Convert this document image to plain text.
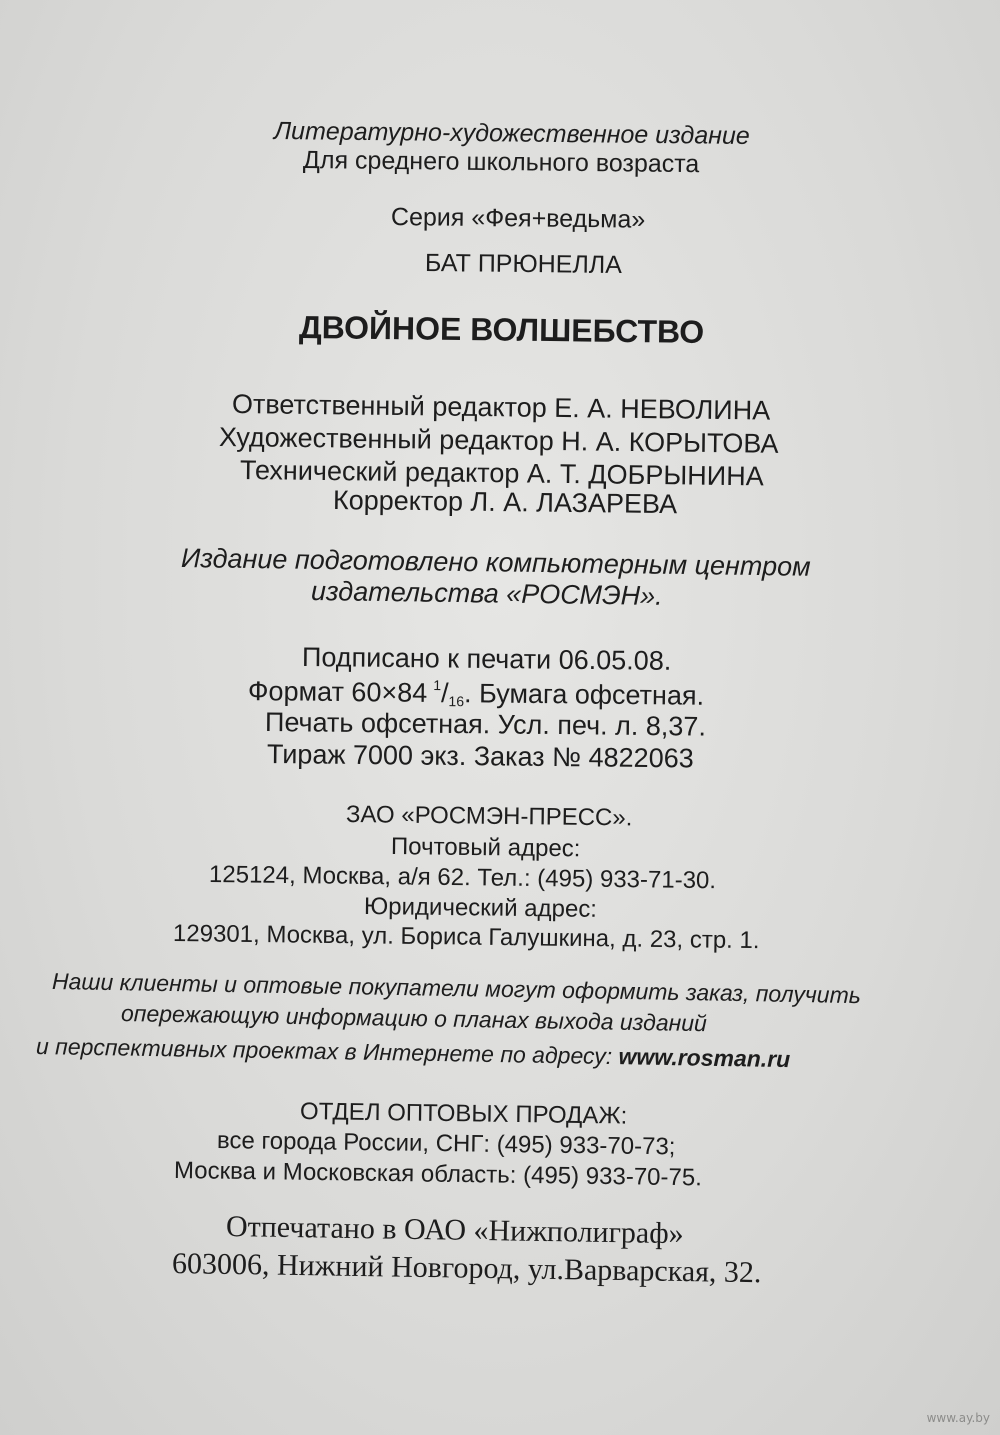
Литературно-художественное издание
Для среднего школьного возраста
Серия «Фея+ведьма»
БАТ ПРЮНЕЛЛА
ДВОЙНОЕ ВОЛШЕБСТВО
Ответственный редактор Е. А. НЕВОЛИНА
Художественный редактор Н. А. КОРЫТОВА
Технический редактор А. Т. ДОБРЫНИНА
Корректор Л. А. ЛАЗАРЕВА
Издание подготовлено компьютерным центром
издательства «РОСМЭН».
Подписано к печати 06.05.08.
Формат 60×84 $^1/_{16}$. Бумага офсетная.
Печать офсетная. Усл. печ. л. 8,37.
Тираж 7000 экз. Заказ № 4822063
ЗАО «РОСМЭН-ПРЕСС».
Почтовый адрес:
125124, Москва, а/я 62. Тел.: (495) 933-71-30.
Юридический адрес:
129301, Москва, ул. Бориса Галушкина, д. 23, стр. 1.
Наши клиенты и оптовые покупатели могут оформить заказ, получить
опережающую информацию о планах выхода изданий
и перспективных проектах в Интернете по адресу: www.rosman.ru
ОТДЕЛ ОПТОВЫХ ПРОДАЖ:
все города России, СНГ: (495) 933-70-73;
Москва и Московская область: (495) 933-70-75.
Отпечатано в ОАО «Нижполиграф»
603006, Нижний Новгород, ул.Варварская, 32.
www.ay.by
